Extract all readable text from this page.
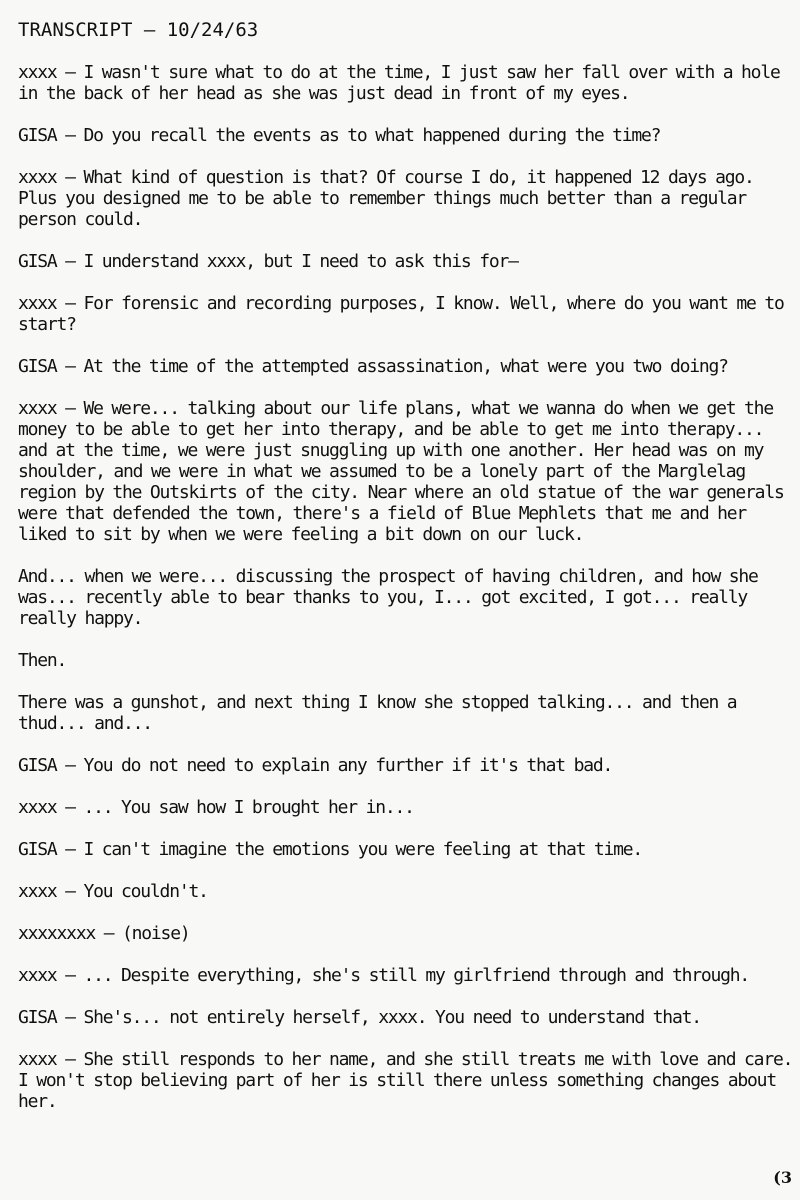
TRANSCRIPT – 10/24/63

xxxx – I wasn't sure what to do at the time, I just saw her fall over with a hole in the back of her head as she was just dead in front of my eyes.

GISA – Do you recall the events as to what happened during the time?

xxxx – What kind of question is that? Of course I do, it happened 12 days ago. Plus you designed me to be able to remember things much better than a regular person could.

GISA – I understand xxxx, but I need to ask this for–

xxxx – For forensic and recording purposes, I know. Well, where do you want me to start?

GISA – At the time of the attempted assassination, what were you two doing?

xxxx – We were... talking about our life plans, what we wanna do when we get the money to be able to get her into therapy, and be able to get me into therapy... and at the time, we were just snuggling up with one another. Her head was on my shoulder, and we were in what we assumed to be a lonely part of the Marglelag region by the Outskirts of the city. Near where an old statue of the war generals were that defended the town, there's a field of Blue Mephlets that me and her liked to sit by when we were feeling a bit down on our luck.

And... when we were... discussing the prospect of having children, and how she was... recently able to bear thanks to you, I... got excited, I got... really really happy.

Then.

There was a gunshot, and next thing I know she stopped talking... and then a thud... and...

GISA – You do not need to explain any further if it's that bad.

xxxx – ... You saw how I brought her in...

GISA – I can't imagine the emotions you were feeling at that time.

xxxx – You couldn't.

xxxxxxxx – (noise)

xxxx – ... Despite everything, she's still my girlfriend through and through.

GISA – She's... not entirely herself, xxxx. You need to understand that.

xxxx – She still responds to her name, and she still treats me with love and care. I won't stop believing part of her is still there unless something changes about her.

(3
